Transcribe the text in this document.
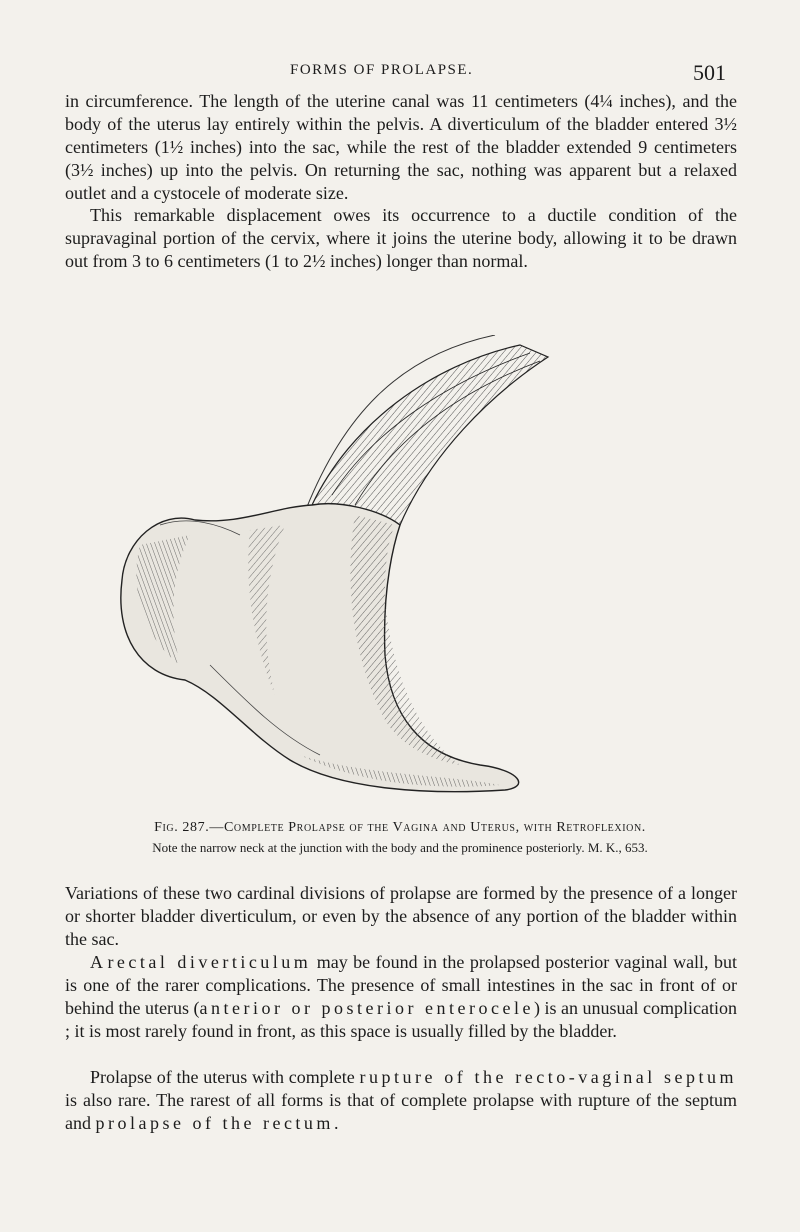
FORMS OF PROLAPSE.	501

in circumference. The length of the uterine canal was 11 centimeters (4¼ inches), and the body of the uterus lay entirely within the pelvis. A diverticulum of the bladder entered 3½ centimeters (1½ inches) into the sac, while the rest of the bladder extended 9 centimeters (3½ inches) up into the pelvis. On returning the sac, nothing was apparent but a relaxed outlet and a cystocele of moderate size.

This remarkable displacement owes its occurrence to a ductile condition of the supravaginal portion of the cervix, where it joins the uterine body, allowing it to be drawn out from 3 to 6 centimeters (1 to 2½ inches) longer than normal.

Fig. 287.—Complete Prolapse of the Vagina and Uterus, with Retroflexion.
Note the narrow neck at the junction with the body and the prominence posteriorly. M. K., 653.

Variations of these two cardinal divisions of prolapse are formed by the presence of a longer or shorter bladder diverticulum, or even by the absence of any portion of the bladder within the sac.

A rectal diverticulum may be found in the prolapsed posterior vaginal wall, but is one of the rarer complications. The presence of small intestines in the sac in front of or behind the uterus (anterior or posterior enterocele) is an unusual complication ; it is most rarely found in front, as this space is usually filled by the bladder.

Prolapse of the uterus with complete rupture of the recto-vaginal septum is also rare. The rarest of all forms is that of complete prolapse with rupture of the septum and prolapse of the rectum.
